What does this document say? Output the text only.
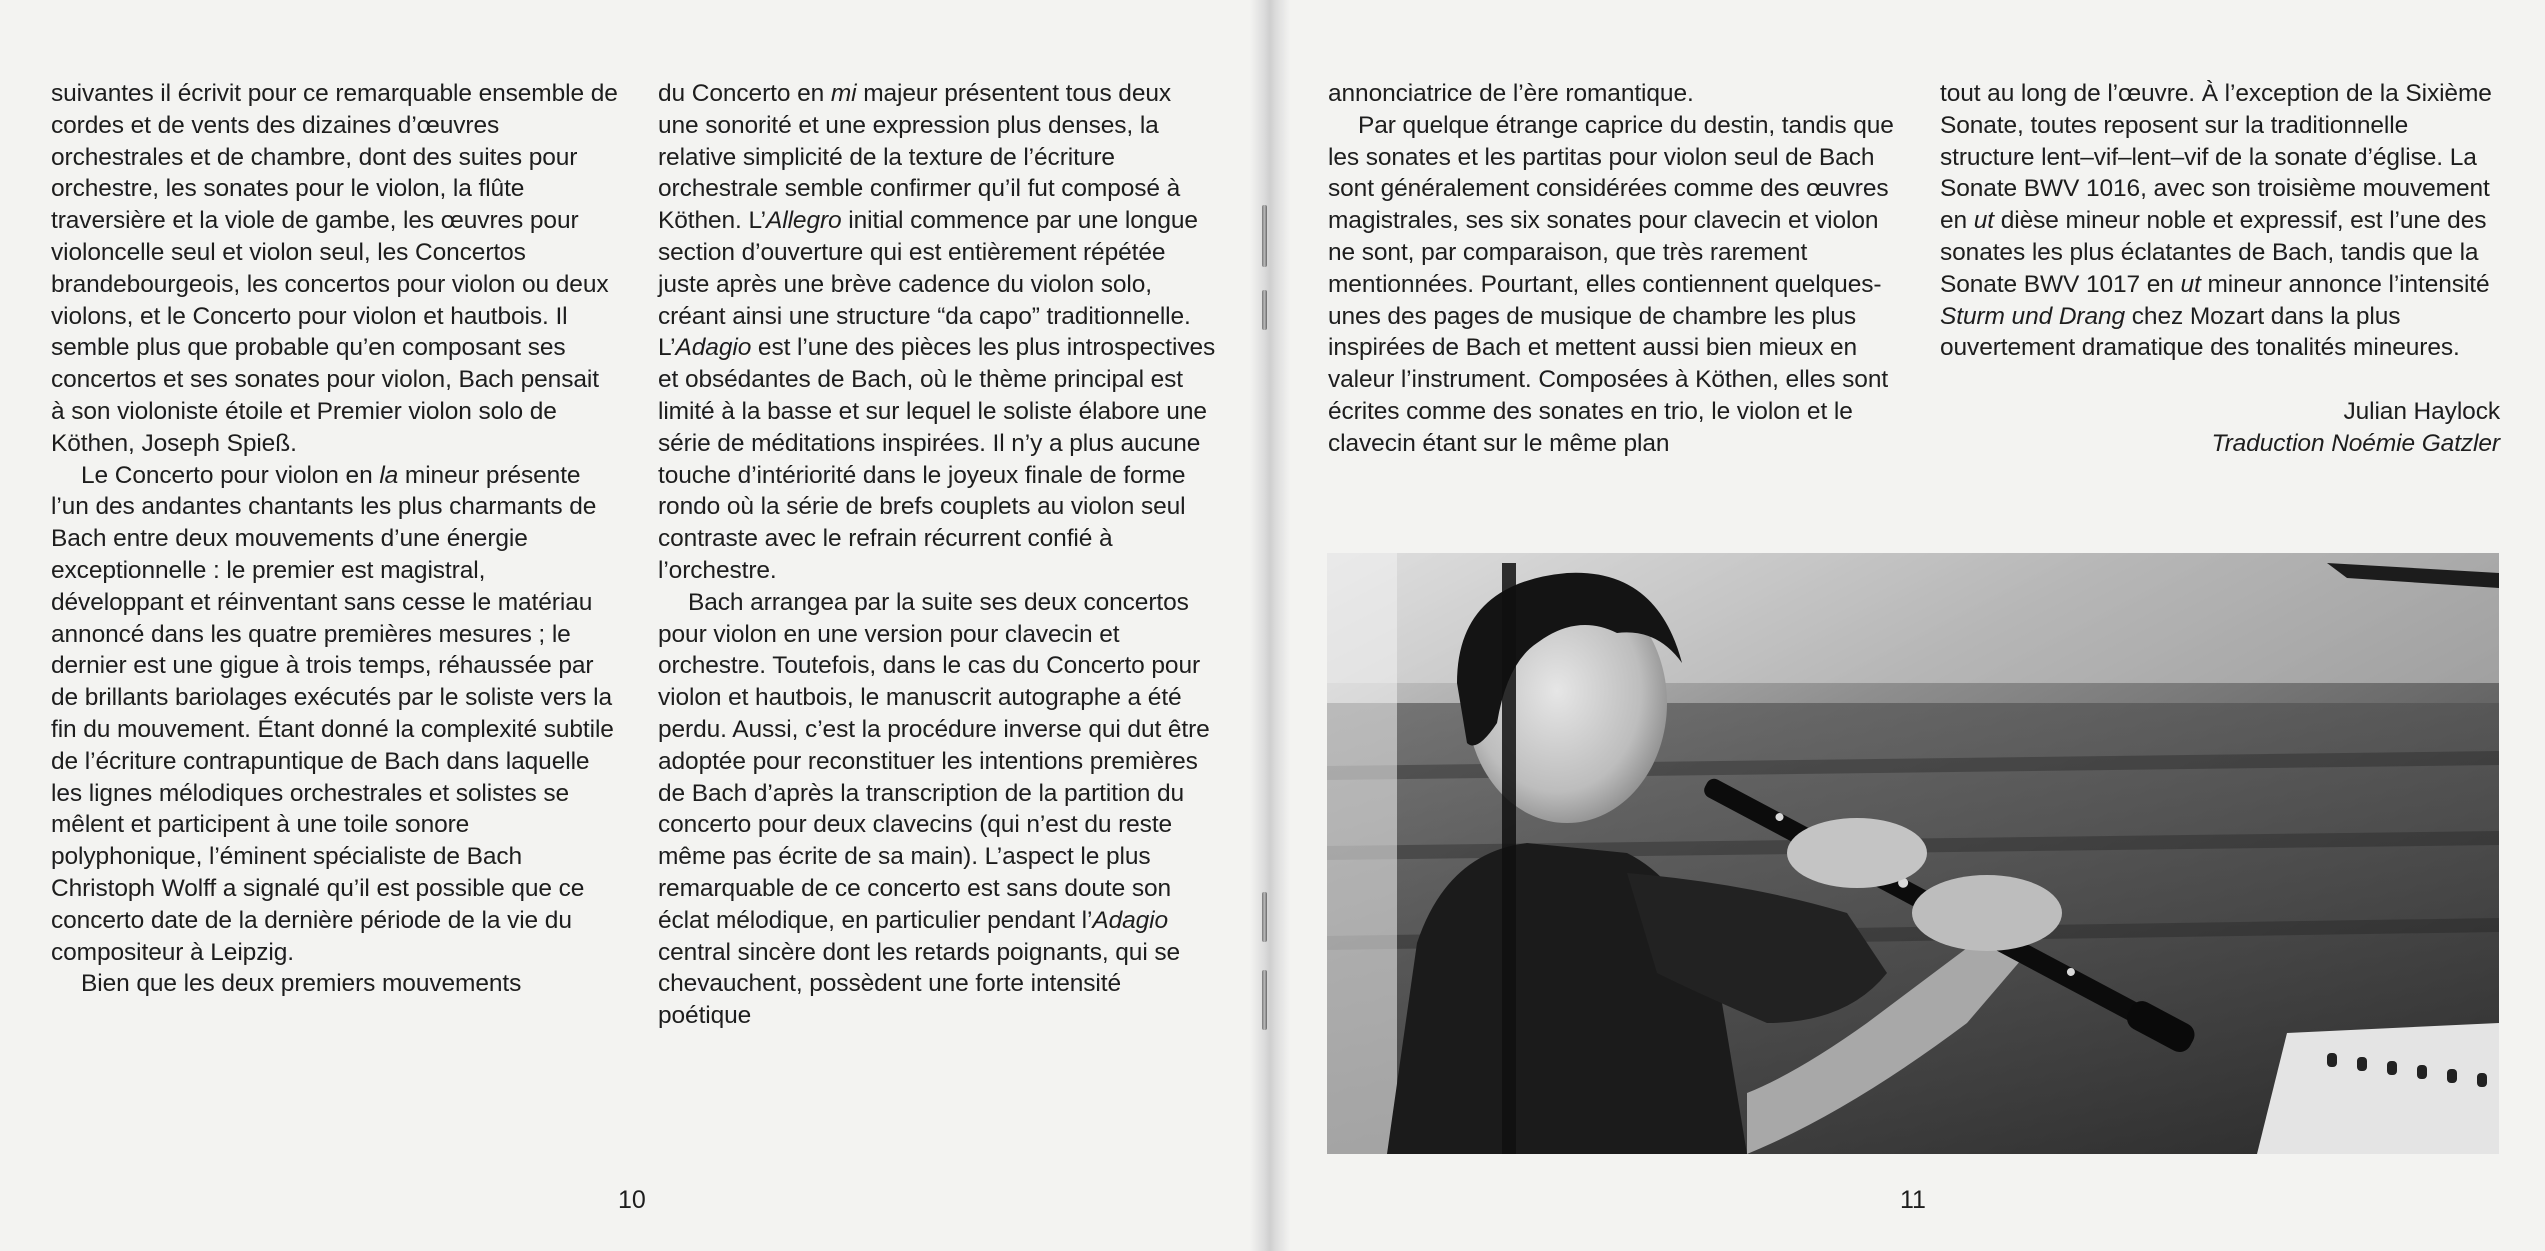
suivantes il écrivit pour ce remarquable ensemble de cordes et de vents des dizaines d’œuvres orchestrales et de chambre, dont des suites pour orchestre, les sonates pour le violon, la flûte traversière et la viole de gambe, les œuvres pour violoncelle seul et violon seul, les Concertos brandebourgeois, les concertos pour violon ou deux violons, et le Concerto pour violon et hautbois. Il semble plus que probable qu’en composant ses concertos et ses sonates pour violon, Bach pensait à son violoniste étoile et Premier violon solo de Köthen, Joseph Spieß.

Le Concerto pour violon en la mineur présente l’un des andantes chantants les plus charmants de Bach entre deux mouvements d’une énergie exceptionnelle : le premier est magistral, développant et réinventant sans cesse le matériau annoncé dans les quatre premières mesures ; le dernier est une gigue à trois temps, réhaussée par de brillants bariolages exécutés par le soliste vers la fin du mouvement. Étant donné la complexité subtile de l’écriture contrapuntique de Bach dans laquelle les lignes mélodiques orchestrales et solistes se mêlent et participent à une toile sonore polyphonique, l’éminent spécialiste de Bach Christoph Wolff a signalé qu’il est possible que ce concerto date de la dernière période de la vie du compositeur à Leipzig.

Bien que les deux premiers mouvements

du Concerto en mi majeur présentent tous deux une sonorité et une expression plus denses, la relative simplicité de la texture de l’écriture orchestrale semble confirmer qu’il fut composé à Köthen. L’Allegro initial commence par une longue section d’ouverture qui est entièrement répétée juste après une brève cadence du violon solo, créant ainsi une structure “da capo” traditionnelle. L’Adagio est l’une des pièces les plus introspectives et obsédantes de Bach, où le thème principal est limité à la basse et sur lequel le soliste élabore une série de méditations inspirées. Il n’y a plus aucune touche d’intériorité dans le joyeux finale de forme rondo où la série de brefs couplets au violon seul contraste avec le refrain récurrent confié à l’orchestre.

Bach arrangea par la suite ses deux concertos pour violon en une version pour clavecin et orchestre. Toutefois, dans le cas du Concerto pour violon et hautbois, le manuscrit autographe a été perdu. Aussi, c’est la procédure inverse qui dut être adoptée pour reconstituer les intentions premières de Bach d’après la transcription de la partition du concerto pour deux clavecins (qui n’est du reste même pas écrite de sa main). L’aspect le plus remarquable de ce concerto est sans doute son éclat mélodique, en particulier pendant l’Adagio central sincère dont les retards poignants, qui se chevauchent, possèdent une forte intensité poétique

10

annonciatrice de l’ère romantique.

Par quelque étrange caprice du destin, tandis que les sonates et les partitas pour violon seul de Bach sont généralement considérées comme des œuvres magistrales, ses six sonates pour clavecin et violon ne sont, par comparaison, que très rarement mentionnées. Pourtant, elles contiennent quelques-unes des pages de musique de chambre les plus inspirées de Bach et mettent aussi bien mieux en valeur l’instrument. Composées à Köthen, elles sont écrites comme des sonates en trio, le violon et le clavecin étant sur le même plan

tout au long de l’œuvre. À l’exception de la Sixième Sonate, toutes reposent sur la traditionnelle structure lent–vif–lent–vif de la sonate d’église. La Sonate BWV 1016, avec son troisième mouvement en ut dièse mineur noble et expressif, est l’une des sonates les plus éclatantes de Bach, tandis que la Sonate BWV 1017 en ut mineur annonce l’intensité Sturm und Drang chez Mozart dans la plus ouvertement dramatique des tonalités mineures.

Julian Haylock

Traduction Noémie Gatzler

11
